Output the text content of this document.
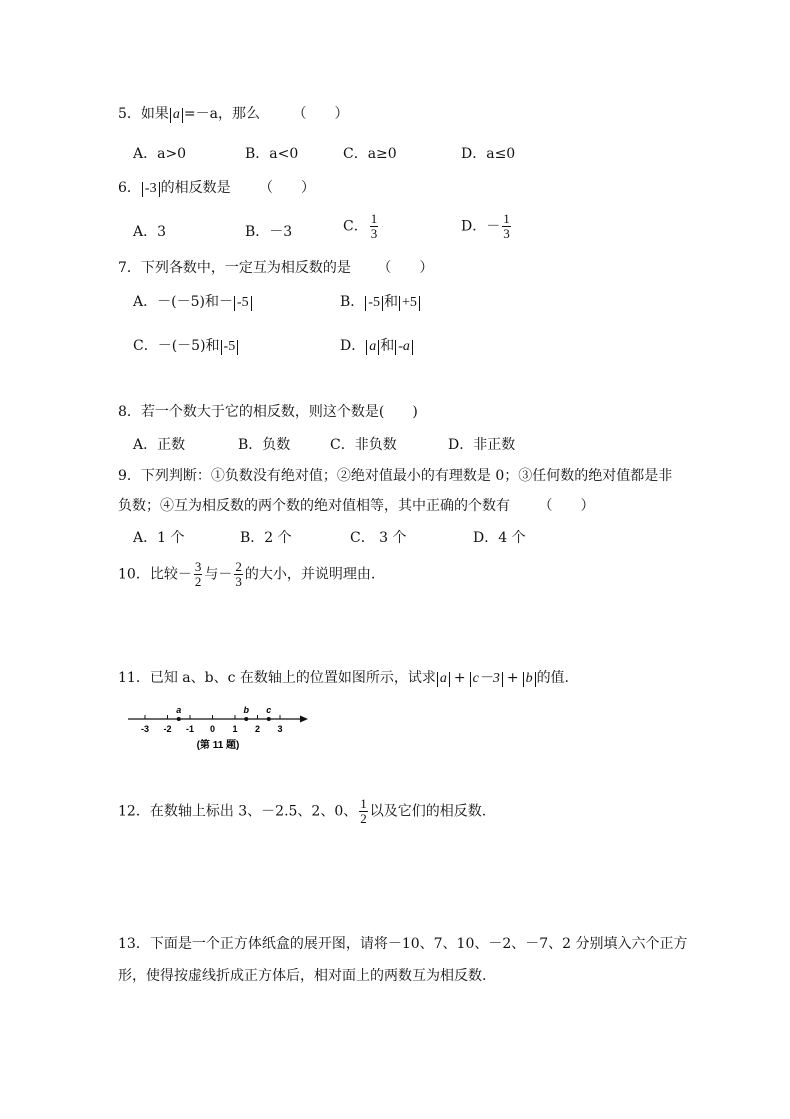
5．如果 a =－a，那么 （　　）
A．a>0	B．a<0	C．a≥0	D．a≤0
6． -3 的相反数是 （　　）
A．3	B．－3	C． $\frac{1}{3}$	D．－ $\frac{1}{3}$
7．下列各数中，一定互为相反数的是 （　　）
A．－(－5)和－ -5	B． -5 和 +5
C．－(－5)和 -5	D． a 和 -a
8．若一个数大于它的相反数，则这个数是(　　)
A．正数	B．负数	C．非负数	D．非正数
9．下列判断：①负数没有绝对值；②绝对值最小的有理数是 0；③任何数的绝对值都是非
负数；④互为相反数的两个数的绝对值相等，其中正确的个数有 （　　）
A．1 个	B．2 个	C． 3 个	D．4 个
10．比较－ $\frac{3}{2}$ 与－ $\frac{2}{3}$ 的大小，并说明理由.
11．已知 a、b、c 在数轴上的位置如图所示，试求 a + c－3 + b 的值.
(第 11 题)
-3 -2 -1 0 1 2 3
a	b c
12．在数轴上标出 3、－2.5、2、0、 $\frac{1}{2}$ 以及它们的相反数.
13．下面是一个正方体纸盒的展开图，请将－10、7、10、－2、－7、2 分别填入六个正方
形，使得按虚线折成正方体后，相对面上的两数互为相反数.
